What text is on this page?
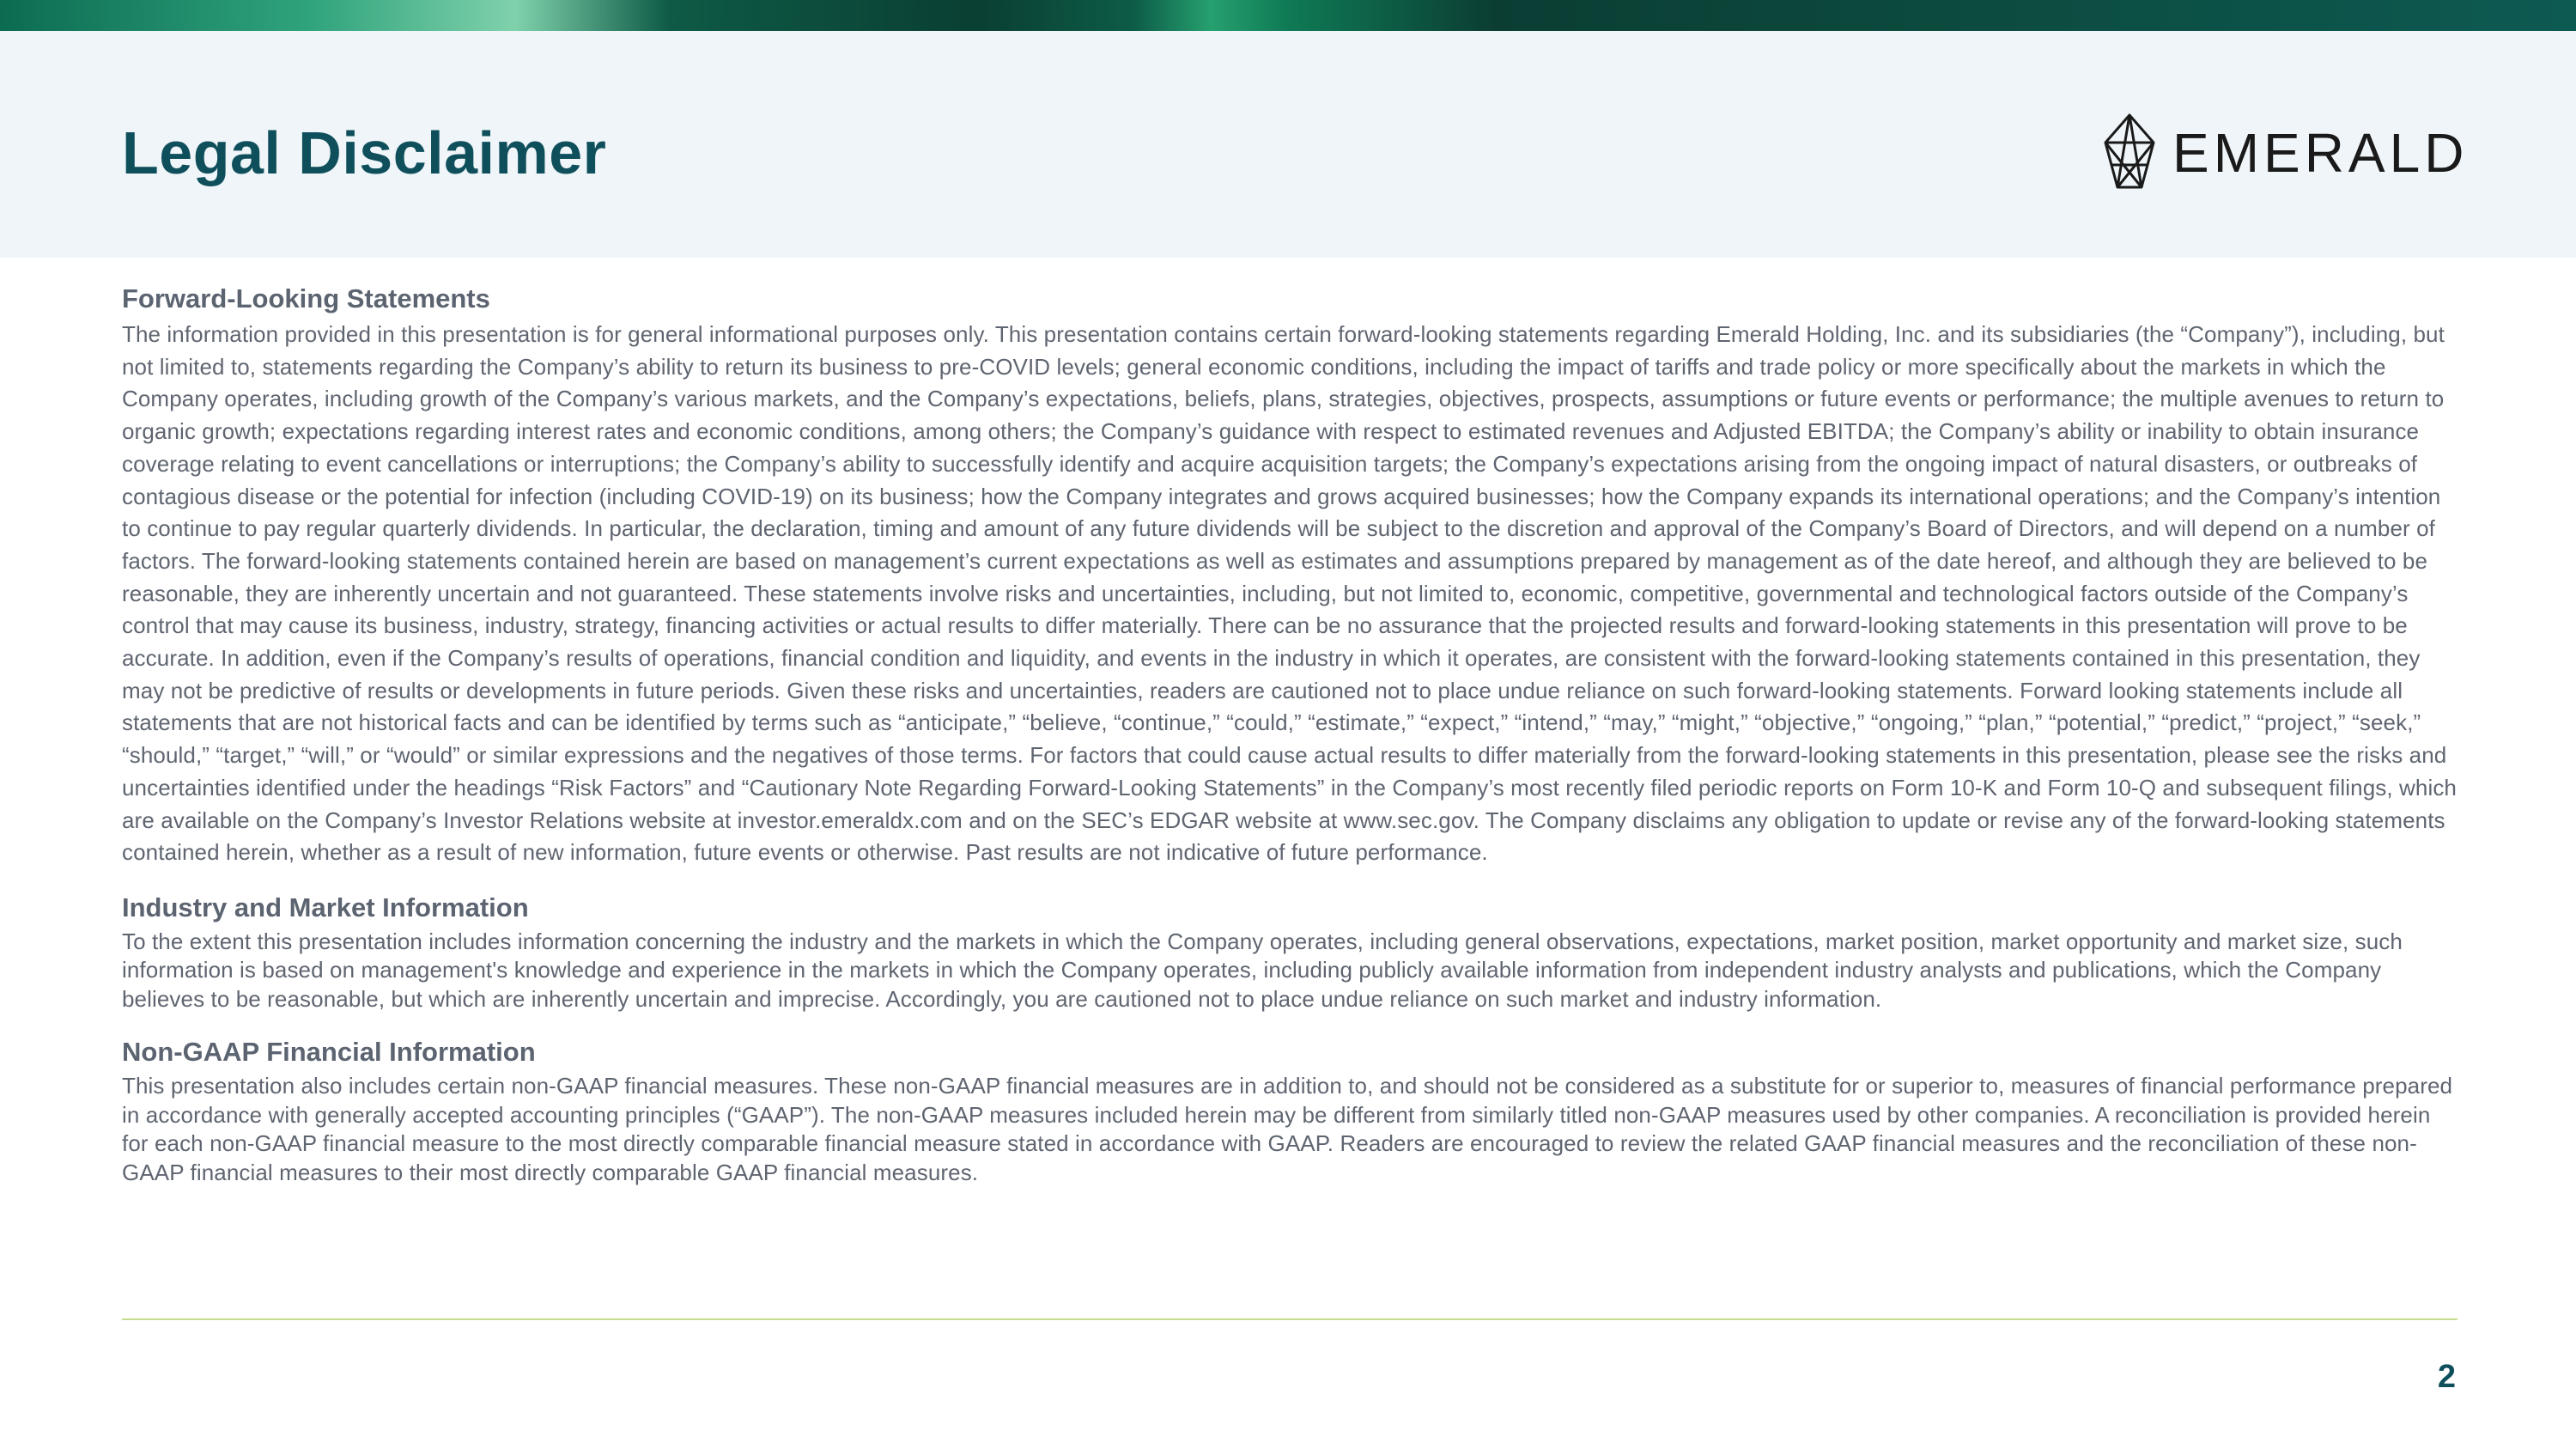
Legal Disclaimer	EMERALD
Forward-Looking Statements

The information provided in this presentation is for general informational purposes only. This presentation contains certain forward-looking statements regarding Emerald Holding, Inc. and its subsidiaries (the “Company”), including, but not limited to, statements regarding the Company’s ability to return its business to pre-COVID levels; general economic conditions, including the impact of tariffs and trade policy or more specifically about the markets in which the Company operates, including growth of the Company’s various markets, and the Company’s expectations, beliefs, plans, strategies, objectives, prospects, assumptions or future events or performance; the multiple avenues to return to organic growth; expectations regarding interest rates and economic conditions, among others; the Company’s guidance with respect to estimated revenues and Adjusted EBITDA; the Company’s ability or inability to obtain insurance coverage relating to event cancellations or interruptions; the Company’s ability to successfully identify and acquire acquisition targets; the Company’s expectations arising from the ongoing impact of natural disasters, or outbreaks of contagious disease or the potential for infection (including COVID-19) on its business; how the Company integrates and grows acquired businesses; how the Company expands its international operations; and the Company’s intention to continue to pay regular quarterly dividends. In particular, the declaration, timing and amount of any future dividends will be subject to the discretion and approval of the Company’s Board of Directors, and will depend on a number of factors. The forward-looking statements contained herein are based on management’s current expectations as well as estimates and assumptions prepared by management as of the date hereof, and although they are believed to be reasonable, they are inherently uncertain and not guaranteed. These statements involve risks and uncertainties, including, but not limited to, economic, competitive, governmental and technological factors outside of the Company’s control that may cause its business, industry, strategy, financing activities or actual results to differ materially. There can be no assurance that the projected results and forward-looking statements in this presentation will prove to be accurate. In addition, even if the Company’s results of operations, financial condition and liquidity, and events in the industry in which it operates, are consistent with the forward-looking statements contained in this presentation, they may not be predictive of results or developments in future periods. Given these risks and uncertainties, readers are cautioned not to place undue reliance on such forward-looking statements. Forward looking statements include all statements that are not historical facts and can be identified by terms such as “anticipate,” “believe, “continue,” “could,” “estimate,” “expect,” “intend,” “may,” “might,” “objective,” “ongoing,” “plan,” “potential,” “predict,” “project,” “seek,” “should,” “target,” “will,” or “would” or similar expressions and the negatives of those terms. For factors that could cause actual results to differ materially from the forward-looking statements in this presentation, please see the risks and uncertainties identified under the headings “Risk Factors” and “Cautionary Note Regarding Forward-Looking Statements” in the Company’s most recently filed periodic reports on Form 10-K and Form 10-Q and subsequent filings, which are available on the Company’s Investor Relations website at investor.emeraldx.com and on the SEC’s EDGAR website at www.sec.gov. The Company disclaims any obligation to update or revise any of the forward-looking statements contained herein, whether as a result of new information, future events or otherwise. Past results are not indicative of future performance.

Industry and Market Information

To the extent this presentation includes information concerning the industry and the markets in which the Company operates, including general observations, expectations, market position, market opportunity and market size, such information is based on management's knowledge and experience in the markets in which the Company operates, including publicly available information from independent industry analysts and publications, which the Company believes to be reasonable, but which are inherently uncertain and imprecise. Accordingly, you are cautioned not to place undue reliance on such market and industry information.

Non-GAAP Financial Information

This presentation also includes certain non-GAAP financial measures. These non-GAAP financial measures are in addition to, and should not be considered as a substitute for or superior to, measures of financial performance prepared in accordance with generally accepted accounting principles (“GAAP”). The non-GAAP measures included herein may be different from similarly titled non-GAAP measures used by other companies. A reconciliation is provided herein for each non-GAAP financial measure to the most directly comparable financial measure stated in accordance with GAAP. Readers are encouraged to review the related GAAP financial measures and the reconciliation of these non-GAAP financial measures to their most directly comparable GAAP financial measures.

2
